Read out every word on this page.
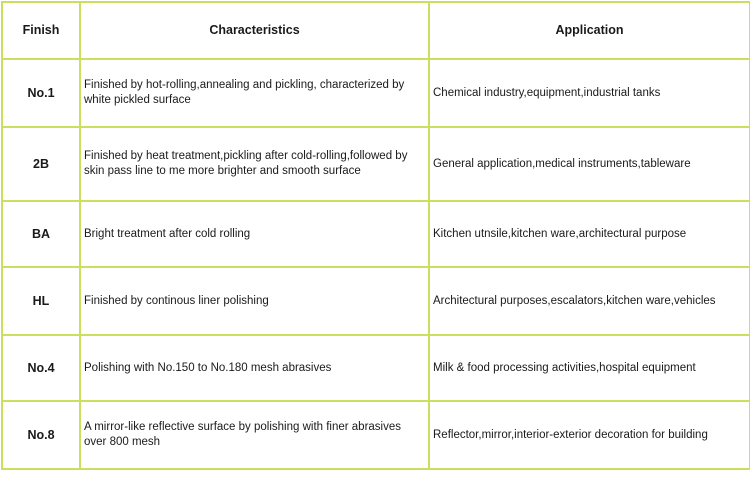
Finish	Characteristics	Application
No.1	Finished by hot-rolling,annealing and pickling, characterized by white pickled surface	Chemical industry,equipment,industrial tanks
2B	Finished by heat treatment,pickling after cold-rolling,followed by skin pass line to me more brighter and smooth surface	General application,medical instruments,tableware
BA	Bright treatment after cold rolling	Kitchen utnsile,kitchen ware,architectural purpose
HL	Finished by continous liner polishing	Architectural purposes,escalators,kitchen ware,vehicles
No.4	Polishing with No.150 to No.180 mesh abrasives	Milk & food processing activities,hospital equipment
No.8	A mirror-like reflective surface by polishing with finer abrasives over 800 mesh	Reflector,mirror,interior-exterior decoration for building
